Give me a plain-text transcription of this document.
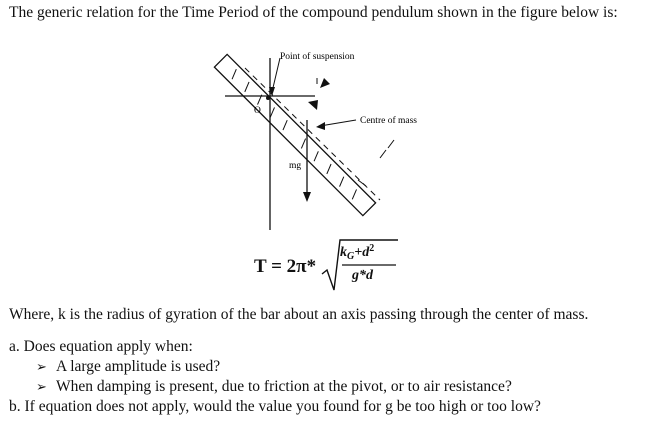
The generic relation for the Time Period of the compound pendulum shown in the figure below is:

Point of suspension
Centre of mass
mg
O
T = 2π*
$k_G+d^2$
g*d

Where, k is the radius of gyration of the bar about an axis passing through the center of mass.

a. Does equation apply when:

➢ A large amplitude is used?

➢ When damping is present, due to friction at the pivot, or to air resistance?

b. If equation does not apply, would the value you found for g be too high or too low?
